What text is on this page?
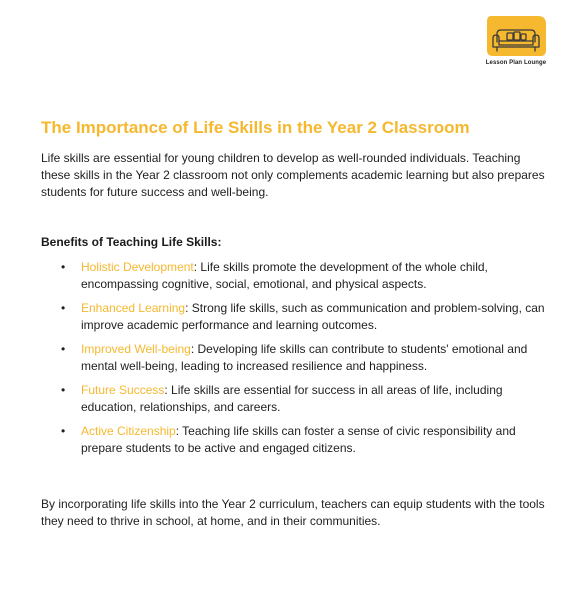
Lesson Plan Lounge
The Importance of Life Skills in the Year 2 Classroom

Life skills are essential for young children to develop as well-rounded individuals. Teaching these skills in the Year 2 classroom not only complements academic learning but also prepares students for future success and well-being.

Benefits of Teaching Life Skills:

• Holistic Development: Life skills promote the development of the whole child, encompassing cognitive, social, emotional, and physical aspects.
• Enhanced Learning: Strong life skills, such as communication and problem-solving, can improve academic performance and learning outcomes.
• Improved Well-being: Developing life skills can contribute to students' emotional and mental well-being, leading to increased resilience and happiness.
• Future Success: Life skills are essential for success in all areas of life, including education, relationships, and careers.
• Active Citizenship: Teaching life skills can foster a sense of civic responsibility and prepare students to be active and engaged citizens.

By incorporating life skills into the Year 2 curriculum, teachers can equip students with the tools they need to thrive in school, at home, and in their communities.
